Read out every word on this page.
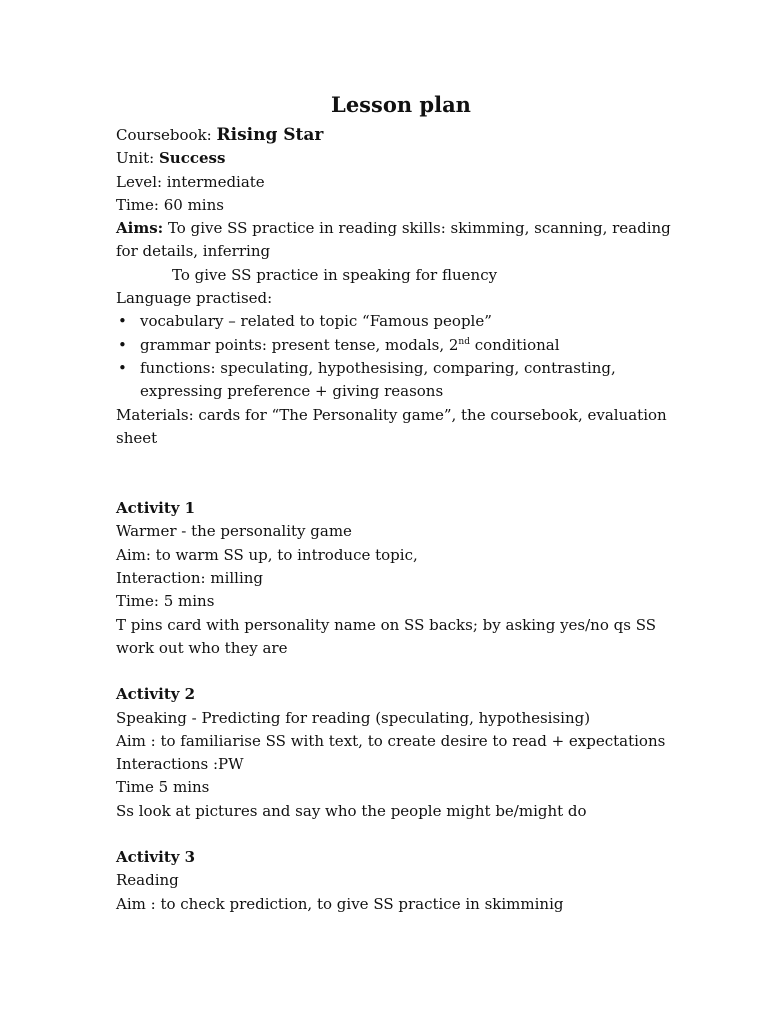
Lesson plan

Coursebook: Rising Star

Unit: Success

Level: intermediate

Time: 60 mins

Aims: To give SS practice in reading skills: skimming, scanning, reading

for details, inferring

To give SS practice in speaking for fluency

Language practised:

• vocabulary – related to topic “Famous people”
• grammar points: present tense, modals, 2nd conditional
• functions: speculating, hypothesising, comparing, contrasting,
expressing preference + giving reasons

Materials: cards for “The Personality game”, the coursebook, evaluation

sheet

Activity 1

Warmer - the personality game

Aim: to warm SS up, to introduce topic,

Interaction: milling

Time: 5 mins

T pins card with personality name on SS backs; by asking yes/no qs SS

work out who they are

Activity 2

Speaking - Predicting for reading (speculating, hypothesising)

Aim : to familiarise SS with text, to create desire to read + expectations

Interactions :PW

Time 5 mins

Ss look at pictures and say who the people might be/might do

Activity 3

Reading

Aim : to check prediction, to give SS practice in skimminig
